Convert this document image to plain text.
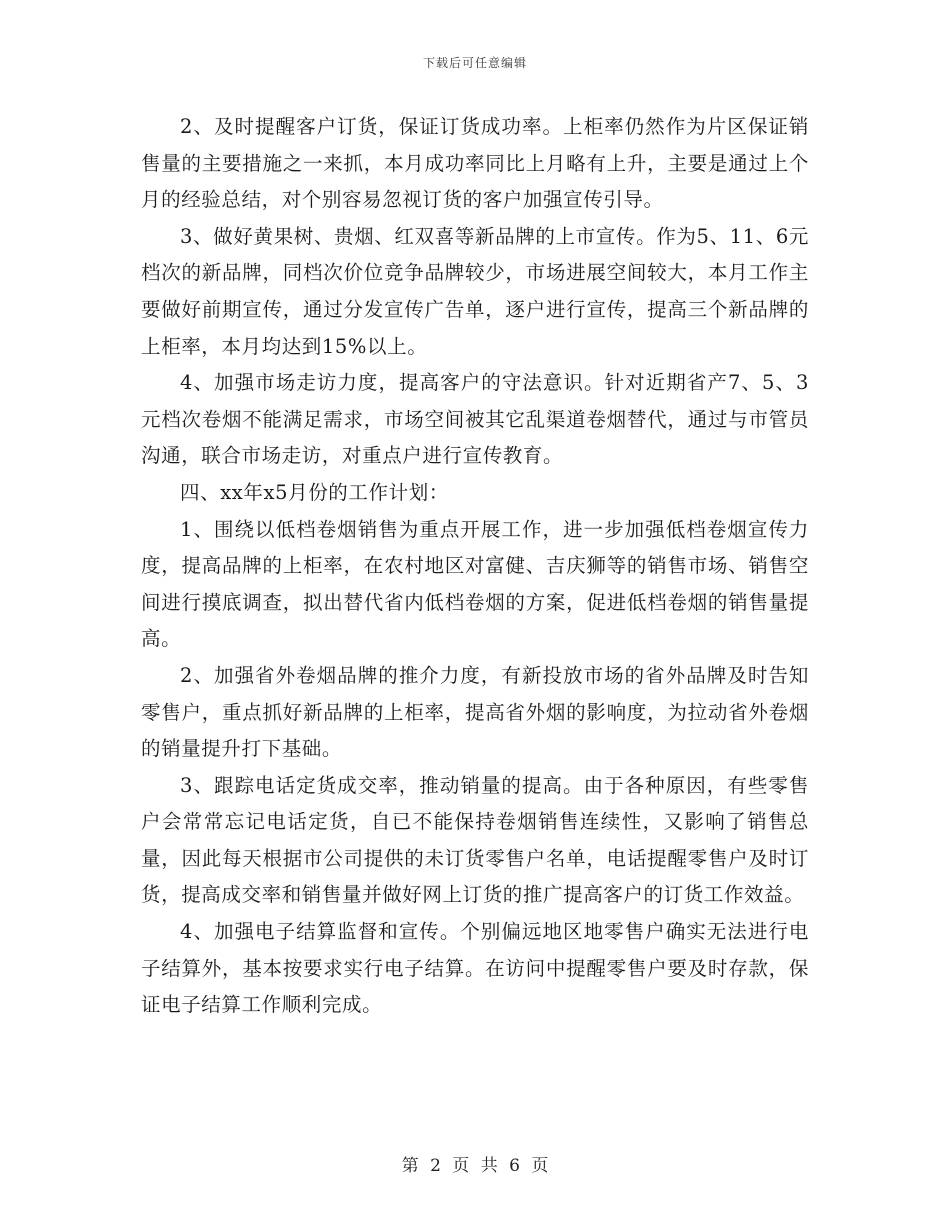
下载后可任意编辑

2、及时提醒客户订货，保证订货成功率。上柜率仍然作为片区保证销售量的主要措施之一来抓，本月成功率同比上月略有上升，主要是通过上个月的经验总结，对个别容易忽视订货的客户加强宣传引导。

3、做好黄果树、贵烟、红双喜等新品牌的上市宣传。作为5、11、6元档次的新品牌，同档次价位竞争品牌较少，市场进展空间较大，本月工作主要做好前期宣传，通过分发宣传广告单，逐户进行宣传，提高三个新品牌的上柜率，本月均达到15%以上。

4、加强市场走访力度，提高客户的守法意识。针对近期省产7、5、3元档次卷烟不能满足需求，市场空间被其它乱渠道卷烟替代，通过与市管员沟通，联合市场走访，对重点户进行宣传教育。

四、xx年x5月份的工作计划：

1、围绕以低档卷烟销售为重点开展工作，进一步加强低档卷烟宣传力度，提高品牌的上柜率，在农村地区对富健、吉庆狮等的销售市场、销售空间进行摸底调查，拟出替代省内低档卷烟的方案，促进低档卷烟的销售量提高。

2、加强省外卷烟品牌的推介力度，有新投放市场的省外品牌及时告知零售户，重点抓好新品牌的上柜率，提高省外烟的影响度，为拉动省外卷烟的销量提升打下基础。

3、跟踪电话定货成交率，推动销量的提高。由于各种原因，有些零售户会常常忘记电话定货，自已不能保持卷烟销售连续性，又影响了销售总量，因此每天根据市公司提供的未订货零售户名单，电话提醒零售户及时订货，提高成交率和销售量并做好网上订货的推广提高客户的订货工作效益。

4、加强电子结算监督和宣传。个别偏远地区地零售户确实无法进行电子结算外，基本按要求实行电子结算。在访问中提醒零售户要及时存款，保证电子结算工作顺利完成。

第 2 页 共 6 页
